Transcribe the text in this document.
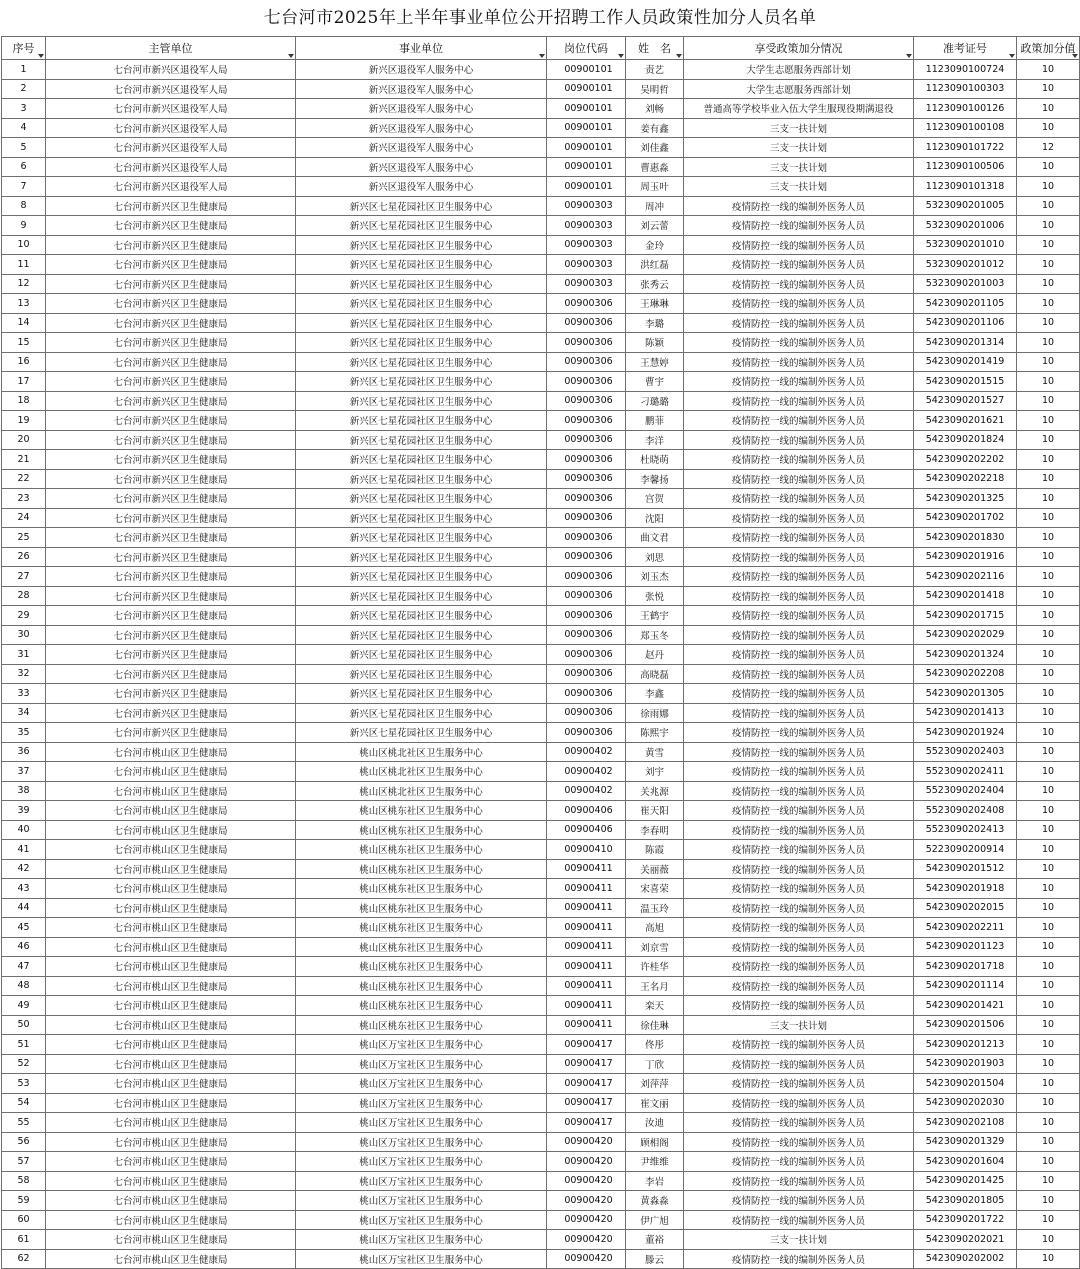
七台河市2025年上半年事业单位公开招聘工作人员政策性加分人员名单
序号	主管单位	事业单位	岗位代码	姓　名	享受政策加分情况	准考证号	政策加分值
1	七台河市新兴区退役军人局	新兴区退役军人服务中心	00900101	责艺	大学生志愿服务西部计划	1123090100724	10
2	七台河市新兴区退役军人局	新兴区退役军人服务中心	00900101	吴明哲	大学生志愿服务西部计划	1123090100303	10
3	七台河市新兴区退役军人局	新兴区退役军人服务中心	00900101	刘畅	普通高等学校毕业入伍大学生服现役期满退役	1123090100126	10
4	七台河市新兴区退役军人局	新兴区退役军人服务中心	00900101	姜有鑫	三支一扶计划	1123090100108	10
5	七台河市新兴区退役军人局	新兴区退役军人服务中心	00900101	刘佳鑫	三支一扶计划	1123090101722	12
6	七台河市新兴区退役军人局	新兴区退役军人服务中心	00900101	曹惠淼	三支一扶计划	1123090100506	10
7	七台河市新兴区退役军人局	新兴区退役军人服务中心	00900101	周玉叶	三支一扶计划	1123090101318	10
8	七台河市新兴区卫生健康局	新兴区七星花园社区卫生服务中心	00900303	周冲	疫情防控一线的编制外医务人员	5323090201005	10
9	七台河市新兴区卫生健康局	新兴区七星花园社区卫生服务中心	00900303	刘云蕾	疫情防控一线的编制外医务人员	5323090201006	10
10	七台河市新兴区卫生健康局	新兴区七星花园社区卫生服务中心	00900303	金玲	疫情防控一线的编制外医务人员	5323090201010	10
11	七台河市新兴区卫生健康局	新兴区七星花园社区卫生服务中心	00900303	洪红磊	疫情防控一线的编制外医务人员	5323090201012	10
12	七台河市新兴区卫生健康局	新兴区七星花园社区卫生服务中心	00900303	张秀云	疫情防控一线的编制外医务人员	5323090201003	10
13	七台河市新兴区卫生健康局	新兴区七星花园社区卫生服务中心	00900306	王琳琳	疫情防控一线的编制外医务人员	5423090201105	10
14	七台河市新兴区卫生健康局	新兴区七星花园社区卫生服务中心	00900306	李璐	疫情防控一线的编制外医务人员	5423090201106	10
15	七台河市新兴区卫生健康局	新兴区七星花园社区卫生服务中心	00900306	陈颖	疫情防控一线的编制外医务人员	5423090201314	10
16	七台河市新兴区卫生健康局	新兴区七星花园社区卫生服务中心	00900306	王慧婷	疫情防控一线的编制外医务人员	5423090201419	10
17	七台河市新兴区卫生健康局	新兴区七星花园社区卫生服务中心	00900306	曹宇	疫情防控一线的编制外医务人员	5423090201515	10
18	七台河市新兴区卫生健康局	新兴区七星花园社区卫生服务中心	00900306	刁璐璐	疫情防控一线的编制外医务人员	5423090201527	10
19	七台河市新兴区卫生健康局	新兴区七星花园社区卫生服务中心	00900306	鹏菲	疫情防控一线的编制外医务人员	5423090201621	10
20	七台河市新兴区卫生健康局	新兴区七星花园社区卫生服务中心	00900306	李洋	疫情防控一线的编制外医务人员	5423090201824	10
21	七台河市新兴区卫生健康局	新兴区七星花园社区卫生服务中心	00900306	杜晓萌	疫情防控一线的编制外医务人员	5423090202202	10
22	七台河市新兴区卫生健康局	新兴区七星花园社区卫生服务中心	00900306	李馨扬	疫情防控一线的编制外医务人员	5423090202218	10
23	七台河市新兴区卫生健康局	新兴区七星花园社区卫生服务中心	00900306	宫贺	疫情防控一线的编制外医务人员	5423090201325	10
24	七台河市新兴区卫生健康局	新兴区七星花园社区卫生服务中心	00900306	沈阳	疫情防控一线的编制外医务人员	5423090201702	10
25	七台河市新兴区卫生健康局	新兴区七星花园社区卫生服务中心	00900306	曲文君	疫情防控一线的编制外医务人员	5423090201830	10
26	七台河市新兴区卫生健康局	新兴区七星花园社区卫生服务中心	00900306	刘思	疫情防控一线的编制外医务人员	5423090201916	10
27	七台河市新兴区卫生健康局	新兴区七星花园社区卫生服务中心	00900306	刘玉杰	疫情防控一线的编制外医务人员	5423090202116	10
28	七台河市新兴区卫生健康局	新兴区七星花园社区卫生服务中心	00900306	张悦	疫情防控一线的编制外医务人员	5423090201418	10
29	七台河市新兴区卫生健康局	新兴区七星花园社区卫生服务中心	00900306	王鹤宇	疫情防控一线的编制外医务人员	5423090201715	10
30	七台河市新兴区卫生健康局	新兴区七星花园社区卫生服务中心	00900306	郑玉冬	疫情防控一线的编制外医务人员	5423090202029	10
31	七台河市新兴区卫生健康局	新兴区七星花园社区卫生服务中心	00900306	赵丹	疫情防控一线的编制外医务人员	5423090201324	10
32	七台河市新兴区卫生健康局	新兴区七星花园社区卫生服务中心	00900306	高晓磊	疫情防控一线的编制外医务人员	5423090202208	10
33	七台河市新兴区卫生健康局	新兴区七星花园社区卫生服务中心	00900306	李鑫	疫情防控一线的编制外医务人员	5423090201305	10
34	七台河市新兴区卫生健康局	新兴区七星花园社区卫生服务中心	00900306	徐雨娜	疫情防控一线的编制外医务人员	5423090201413	10
35	七台河市新兴区卫生健康局	新兴区七星花园社区卫生服务中心	00900306	陈熙宇	疫情防控一线的编制外医务人员	5423090201924	10
36	七台河市桃山区卫生健康局	桃山区桃北社区卫生服务中心	00900402	黄雪	疫情防控一线的编制外医务人员	5523090202403	10
37	七台河市桃山区卫生健康局	桃山区桃北社区卫生服务中心	00900402	刘宇	疫情防控一线的编制外医务人员	5523090202411	10
38	七台河市桃山区卫生健康局	桃山区桃北社区卫生服务中心	00900402	关兆源	疫情防控一线的编制外医务人员	5523090202404	10
39	七台河市桃山区卫生健康局	桃山区桃东社区卫生服务中心	00900406	崔天阳	疫情防控一线的编制外医务人员	5523090202408	10
40	七台河市桃山区卫生健康局	桃山区桃东社区卫生服务中心	00900406	李春明	疫情防控一线的编制外医务人员	5523090202413	10
41	七台河市桃山区卫生健康局	桃山区桃东社区卫生服务中心	00900410	陈霞	疫情防控一线的编制外医务人员	5223090200914	10
42	七台河市桃山区卫生健康局	桃山区桃东社区卫生服务中心	00900411	关丽薇	疫情防控一线的编制外医务人员	5423090201512	10
43	七台河市桃山区卫生健康局	桃山区桃东社区卫生服务中心	00900411	宋喜荣	疫情防控一线的编制外医务人员	5423090201918	10
44	七台河市桃山区卫生健康局	桃山区桃东社区卫生服务中心	00900411	温玉玲	疫情防控一线的编制外医务人员	5423090202015	10
45	七台河市桃山区卫生健康局	桃山区桃东社区卫生服务中心	00900411	高旭	疫情防控一线的编制外医务人员	5423090202211	10
46	七台河市桃山区卫生健康局	桃山区桃东社区卫生服务中心	00900411	刘京雪	疫情防控一线的编制外医务人员	5423090201123	10
47	七台河市桃山区卫生健康局	桃山区桃东社区卫生服务中心	00900411	许桂华	疫情防控一线的编制外医务人员	5423090201718	10
48	七台河市桃山区卫生健康局	桃山区桃东社区卫生服务中心	00900411	王名月	疫情防控一线的编制外医务人员	5423090201114	10
49	七台河市桃山区卫生健康局	桃山区桃东社区卫生服务中心	00900411	栾天	疫情防控一线的编制外医务人员	5423090201421	10
50	七台河市桃山区卫生健康局	桃山区桃东社区卫生服务中心	00900411	徐佳琳	三支一扶计划	5423090201506	10
51	七台河市桃山区卫生健康局	桃山区万宝社区卫生服务中心	00900417	佟彤	疫情防控一线的编制外医务人员	5423090201213	10
52	七台河市桃山区卫生健康局	桃山区万宝社区卫生服务中心	00900417	丁欣	疫情防控一线的编制外医务人员	5423090201903	10
53	七台河市桃山区卫生健康局	桃山区万宝社区卫生服务中心	00900417	刘萍萍	疫情防控一线的编制外医务人员	5423090201504	10
54	七台河市桃山区卫生健康局	桃山区万宝社区卫生服务中心	00900417	崔文丽	疫情防控一线的编制外医务人员	5423090202030	10
55	七台河市桃山区卫生健康局	桃山区万宝社区卫生服务中心	00900417	汝迪	疫情防控一线的编制外医务人员	5423090202108	10
56	七台河市桃山区卫生健康局	桃山区万宝社区卫生服务中心	00900420	顾相阁	疫情防控一线的编制外医务人员	5423090201329	10
57	七台河市桃山区卫生健康局	桃山区万宝社区卫生服务中心	00900420	尹维维	疫情防控一线的编制外医务人员	5423090201604	10
58	七台河市桃山区卫生健康局	桃山区万宝社区卫生服务中心	00900420	李岩	疫情防控一线的编制外医务人员	5423090201425	10
59	七台河市桃山区卫生健康局	桃山区万宝社区卫生服务中心	00900420	黄淼淼	疫情防控一线的编制外医务人员	5423090201805	10
60	七台河市桃山区卫生健康局	桃山区万宝社区卫生服务中心	00900420	伊广旭	疫情防控一线的编制外医务人员	5423090201722	10
61	七台河市桃山区卫生健康局	桃山区万宝社区卫生服务中心	00900420	董裕	三支一扶计划	5423090202021	10
62	七台河市桃山区卫生健康局	桃山区万宝社区卫生服务中心	00900420	滕云	疫情防控一线的编制外医务人员	5423090202002	10
